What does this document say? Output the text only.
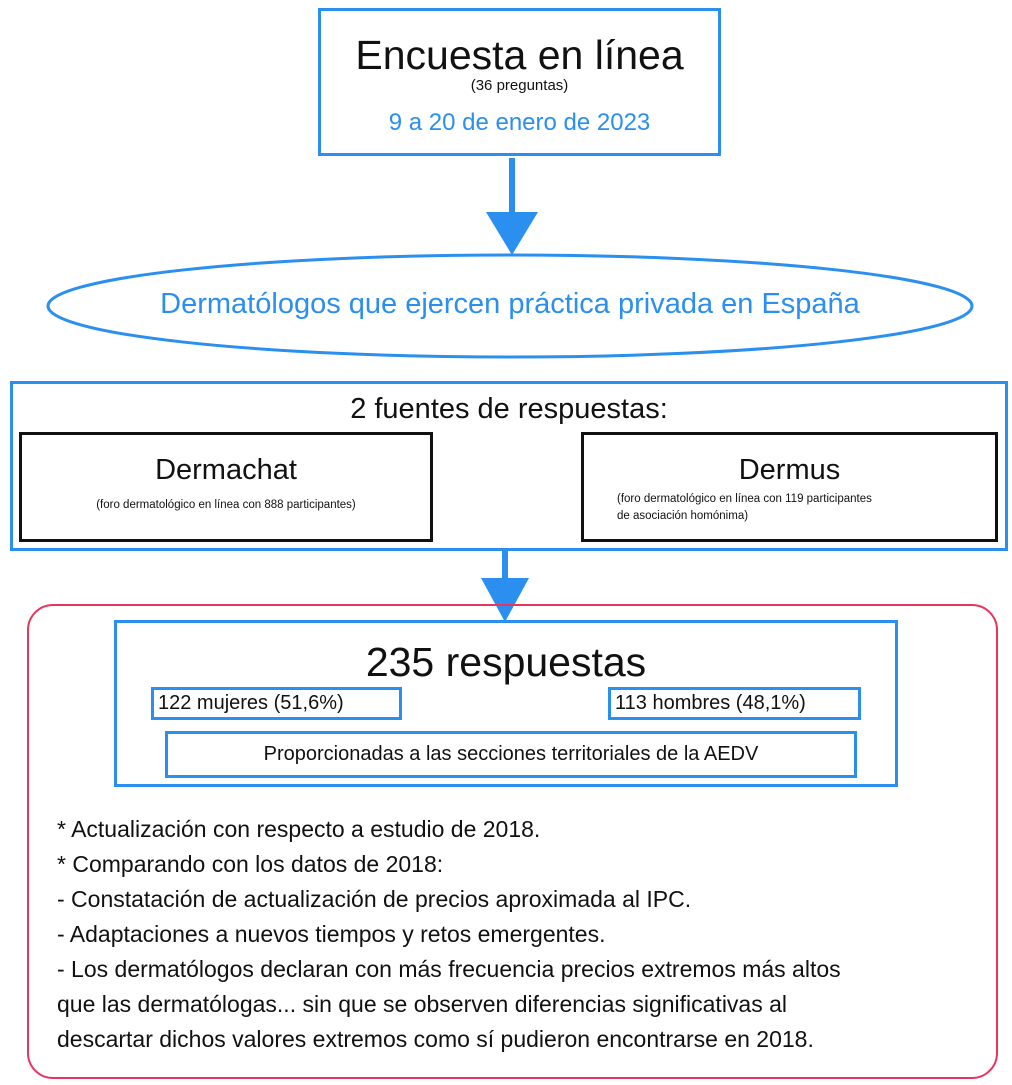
Encuesta en línea
(36 preguntas)
9 a 20 de enero de 2023
Dermatólogos que ejercen práctica privada en España
2 fuentes de respuestas:
Dermachat
(foro dermatológico en línea con 888 participantes)
Dermus
(foro dermatológico en línea con 119 participantes
de asociación homónima)
235 respuestas
122 mujeres (51,6%)	113 hombres (48,1%)
Proporcionadas a las secciones territoriales de la AEDV
* Actualización con respecto a estudio de 2018.
* Comparando con los datos de 2018:
- Constatación de actualización de precios aproximada al IPC.
- Adaptaciones a nuevos tiempos y retos emergentes.
- Los dermatólogos declaran con más frecuencia precios extremos más altos
que las dermatólogas... sin que se observen diferencias significativas al
descartar dichos valores extremos como sí pudieron encontrarse en 2018.
